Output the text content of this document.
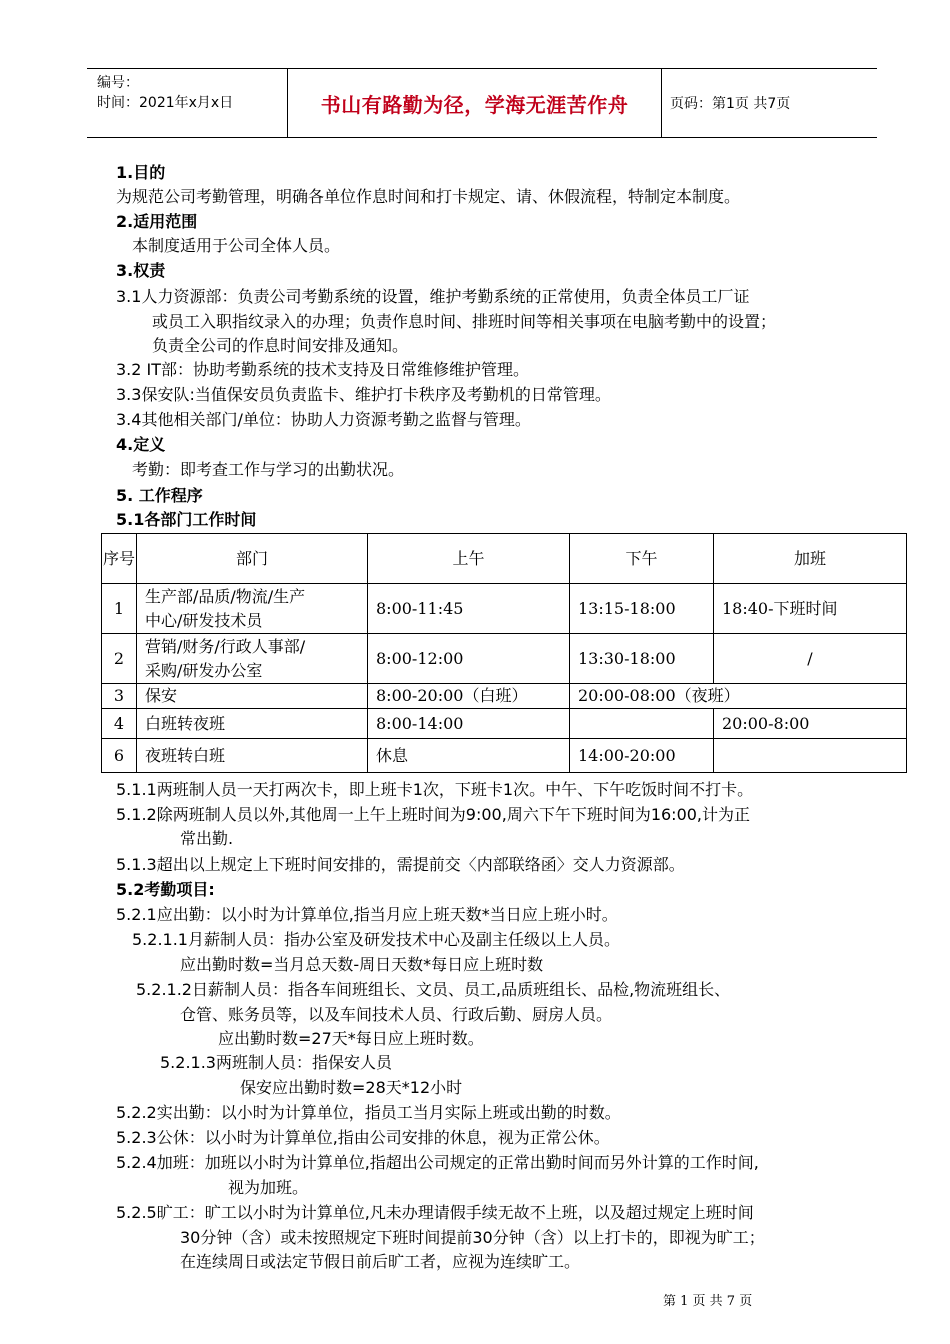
编号：
时间：2021年x月x日	书山有路勤为径，学海无涯苦作舟	页码：第1页 共7页
1.目的
为规范公司考勤管理，明确各单位作息时间和打卡规定、请、休假流程，特制定本制度。
2.适用范围
本制度适用于公司全体人员。
3.权责
3.1人力资源部：负责公司考勤系统的设置，维护考勤系统的正常使用，负责全体员工厂证
或员工入职指纹录入的办理；负责作息时间、排班时间等相关事项在电脑考勤中的设置；
负责全公司的作息时间安排及通知。
3.2 IT部：协助考勤系统的技术支持及日常维修维护管理。
3.3保安队:当值保安员负责监卡、维护打卡秩序及考勤机的日常管理。
3.4其他相关部门/单位：协助人力资源考勤之监督与管理。
4.定义
考勤：即考查工作与学习的出勤状况。
5. 工作程序
5.1各部门工作时间
序号	部门	上午	下午	加班
1	生产部/品质/物流/生产
中心/研发技术员	8:00-11:45	13:15-18:00	18:40-下班时间
2	营销/财务/行政人事部/
采购/研发办公室	8:00-12:00	13:30-18:00	/
3	保安	8:00-20:00（白班）	20:00-08:00（夜班）	
4	白班转夜班	8:00-14:00		20:00-8:00
6	夜班转白班	休息	14:00-20:00	
5.1.1两班制人员一天打两次卡，即上班卡1次，下班卡1次。中午、下午吃饭时间不打卡。
5.1.2除两班制人员以外,其他周一上午上班时间为9:00,周六下午下班时间为16:00,计为正
常出勤.
5.1.3超出以上规定上下班时间安排的，需提前交〈内部联络函〉交人力资源部。
5.2考勤项目:
5.2.1应出勤：以小时为计算单位,指当月应上班天数*当日应上班小时。
5.2.1.1月薪制人员：指办公室及研发技术中心及副主任级以上人员。
应出勤时数=当月总天数-周日天数*每日应上班时数
5.2.1.2日薪制人员：指各车间班组长、文员、员工,品质班组长、品检,物流班组长、
仓管、账务员等，以及车间技术人员、行政后勤、厨房人员。
应出勤时数=27天*每日应上班时数。
5.2.1.3两班制人员：指保安人员
保安应出勤时数=28天*12小时
5.2.2实出勤：以小时为计算单位，指员工当月实际上班或出勤的时数。
5.2.3公休：以小时为计算单位,指由公司安排的休息，视为正常公休。
5.2.4加班：加班以小时为计算单位,指超出公司规定的正常出勤时间而另外计算的工作时间,
视为加班。
5.2.5旷工：旷工以小时为计算单位,凡未办理请假手续无故不上班，以及超过规定上班时间
30分钟（含）或未按照规定下班时间提前30分钟（含）以上打卡的，即视为旷工；
在连续周日或法定节假日前后旷工者，应视为连续旷工。
第 1 页 共 7 页
